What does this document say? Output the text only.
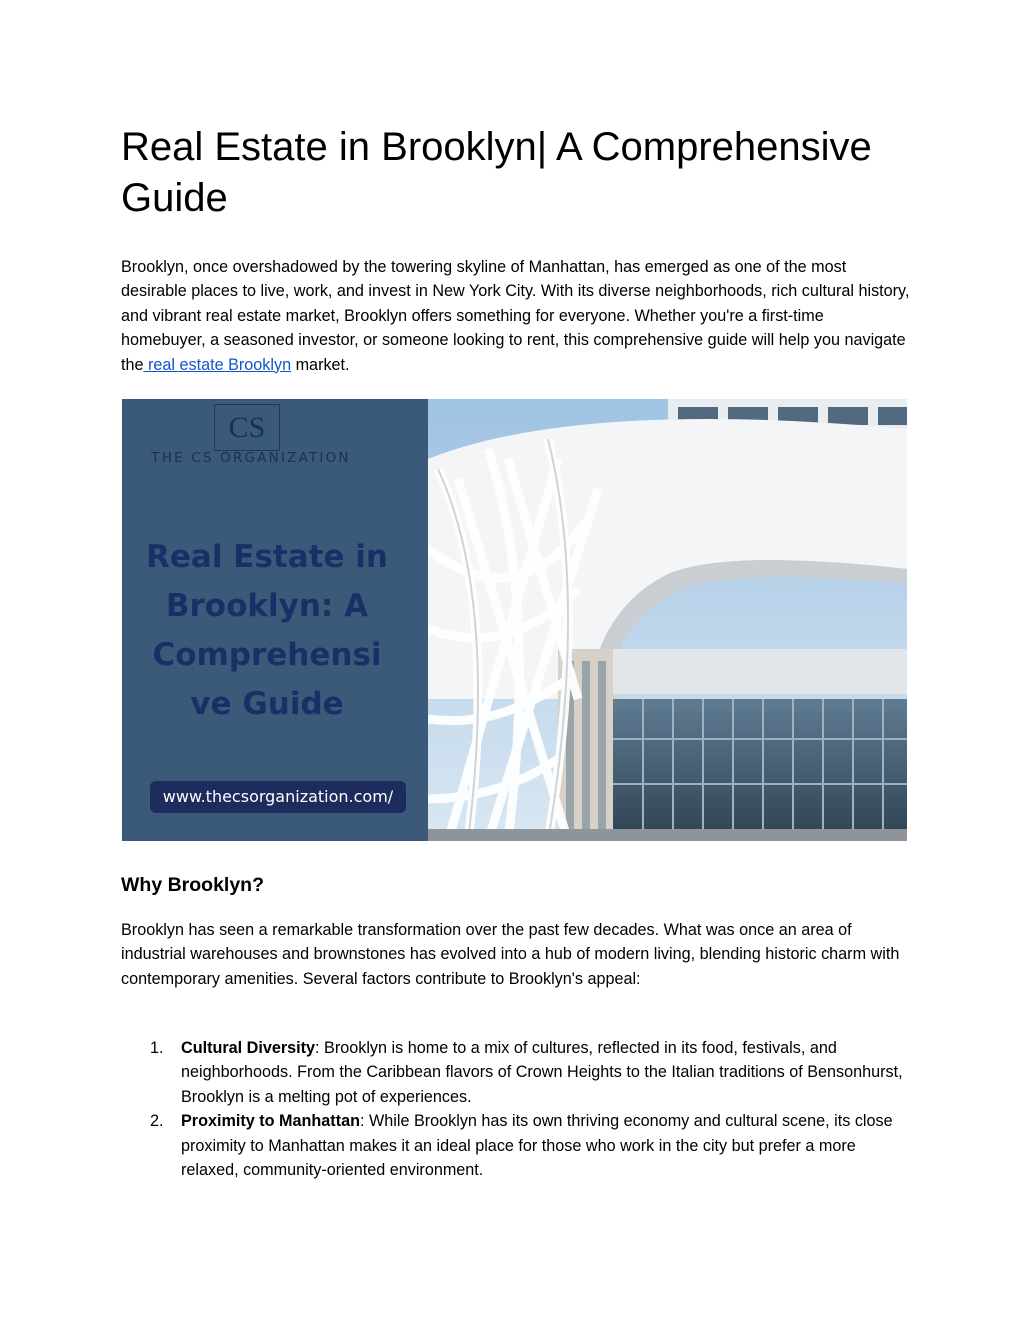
Real Estate in Brooklyn| A Comprehensive Guide

Brooklyn, once overshadowed by the towering skyline of Manhattan, has emerged as one of the most desirable places to live, work, and invest in New York City. With its diverse neighborhoods, rich cultural history, and vibrant real estate market, Brooklyn offers something for everyone. Whether you're a first-time homebuyer, a seasoned investor, or someone looking to rent, this comprehensive guide will help you navigate the real estate Brooklyn market.

CS
THE CS ORGANIZATION
Real Estate in Brooklyn: A Comprehensi ve Guide
www.thecsorganization.com/
Why Brooklyn?

Brooklyn has seen a remarkable transformation over the past few decades. What was once an area of industrial warehouses and brownstones has evolved into a hub of modern living, blending historic charm with contemporary amenities. Several factors contribute to Brooklyn's appeal:

1. Cultural Diversity: Brooklyn is home to a mix of cultures, reflected in its food, festivals, and neighborhoods. From the Caribbean flavors of Crown Heights to the Italian traditions of Bensonhurst, Brooklyn is a melting pot of experiences.
2. Proximity to Manhattan: While Brooklyn has its own thriving economy and cultural scene, its close proximity to Manhattan makes it an ideal place for those who work in the city but prefer a more relaxed, community-oriented environment.
